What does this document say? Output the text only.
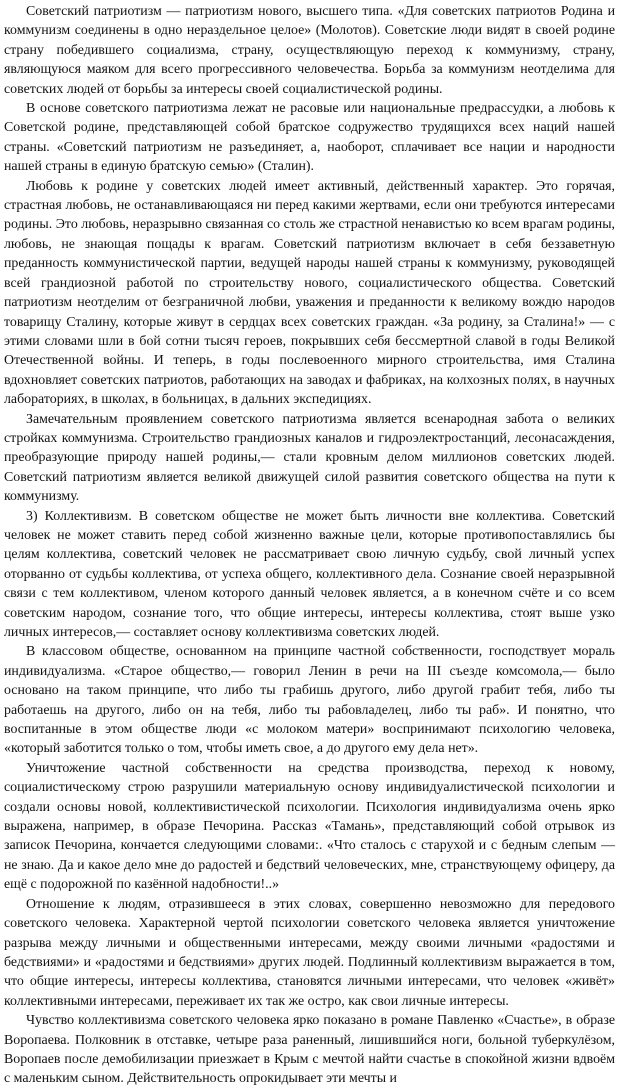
Советский патриотизм — патриотизм нового, высшего типа. «Для советских патриотов Родина и коммунизм соединены в одно нераздельное целое» (Молотов). Советские люди видят в своей родине страну победившего социализма, страну, осуществляющую переход к коммунизму, страну, являющуюся маяком для всего прогрессивного человечества. Борьба за коммунизм неотделима для советских людей от борьбы за интересы своей социалистической родины.

В основе советского патриотизма лежат не расовые или национальные предрассудки, а любовь к Советской родине, представляющей собой братское содружество трудящихся всех наций нашей страны. «Советский патриотизм не разъединяет, а, наоборот, сплачивает все нации и народности нашей страны в единую братскую семью» (Сталин).

Любовь к родине у советских людей имеет активный, действенный характер. Это горячая, страстная любовь, не останавливающаяся ни перед какими жертвами, если они требуются интересами родины. Это любовь, неразрывно связанная со столь же страстной ненавистью ко всем врагам родины, любовь, не знающая пощады к врагам. Советский патриотизм включает в себя беззаветную преданность коммунистической партии, ведущей народы нашей страны к коммунизму, руководящей всей грандиозной работой по строительству нового, социалистического общества. Советский патриотизм неотделим от безграничной любви, уважения и преданности к великому вождю народов товарищу Сталину, которые живут в сердцах всех советских граждан. «За родину, за Сталина!» — с этими словами шли в бой сотни тысяч героев, покрывших себя бессмертной славой в годы Великой Отечественной войны. И теперь, в годы послевоенного мирного строительства, имя Сталина вдохновляет советских патриотов, работающих на заводах и фабриках, на колхозных полях, в научных лабораториях, в школах, в больницах, в дальних экспедициях.

Замечательным проявлением советского патриотизма является всенародная забота о великих стройках коммунизма. Строительство грандиозных каналов и гидроэлектростанций, лесонасаждения, преобразующие природу нашей родины,— стали кровным делом миллионов советских людей. Советский патриотизм является великой движущей силой развития советского общества на пути к коммунизму.

3) Коллективизм. В советском обществе не может быть личности вне коллектива. Советский человек не может ставить перед собой жизненно важные цели, которые противопоставлялись бы целям коллектива, советский человек не рассматривает свою личную судьбу, свой личный успех оторванно от судьбы коллектива, от успеха общего, коллективного дела. Сознание своей неразрывной связи с тем коллективом, членом которого данный человек является, а в конечном счёте и со всем советским народом, сознание того, что общие интересы, интересы коллектива, стоят выше узко личных интересов,— составляет основу коллективизма советских людей.

В классовом обществе, основанном на принципе частной собственности, господствует мораль индивидуализма. «Старое общество,— говорил Ленин в речи на III съезде комсомола,— было основано на таком принципе, что либо ты грабишь другого, либо другой грабит тебя, либо ты работаешь на другого, либо он на тебя, либо ты рабовладелец, либо ты раб». И понятно, что воспитанные в этом обществе люди «с молоком матери» воспринимают психологию человека, «который заботится только о том, чтобы иметь свое, а до другого ему дела нет».

Уничтожение частной собственности на средства производства, переход к новому, социалистическому строю разрушили материальную основу индивидуалистической психологии и создали основы новой, коллективистической психологии. Психология индивидуализма очень ярко выражена, например, в образе Печорина. Рассказ «Тамань», представляющий собой отрывок из записок Печорина, кончается следующими словами:. «Что сталось с старухой и с бедным слепым — не знаю. Да и какое дело мне до радостей и бедствий человеческих, мне, странствующему офицеру, да ещё с подорожной по казённой надобности!..»

Отношение к людям, отразившееся в этих словах, совершенно невозможно для передового советского человека. Характерной чертой психологии советского человека является уничтожение разрыва между личными и общественными интересами, между своими личными «радостями и бедствиями» и «радостями и бедствиями» других людей. Подлинный коллективизм выражается в том, что общие интересы, интересы коллектива, становятся личными интересами, что человек «живёт» коллективными интересами, переживает их так же остро, как свои личные интересы.

Чувство коллективизма советского человека ярко показано в романе Павленко «Счастье», в образе Воропаева. Полковник в отставке, четыре раза раненный, лишившийся ноги, больной туберкулёзом, Воропаев после демобилизации приезжает в Крым с мечтой найти счастье в спокойной жизни вдвоём с маленьким сыном. Действительность опрокидывает эти мечты и
